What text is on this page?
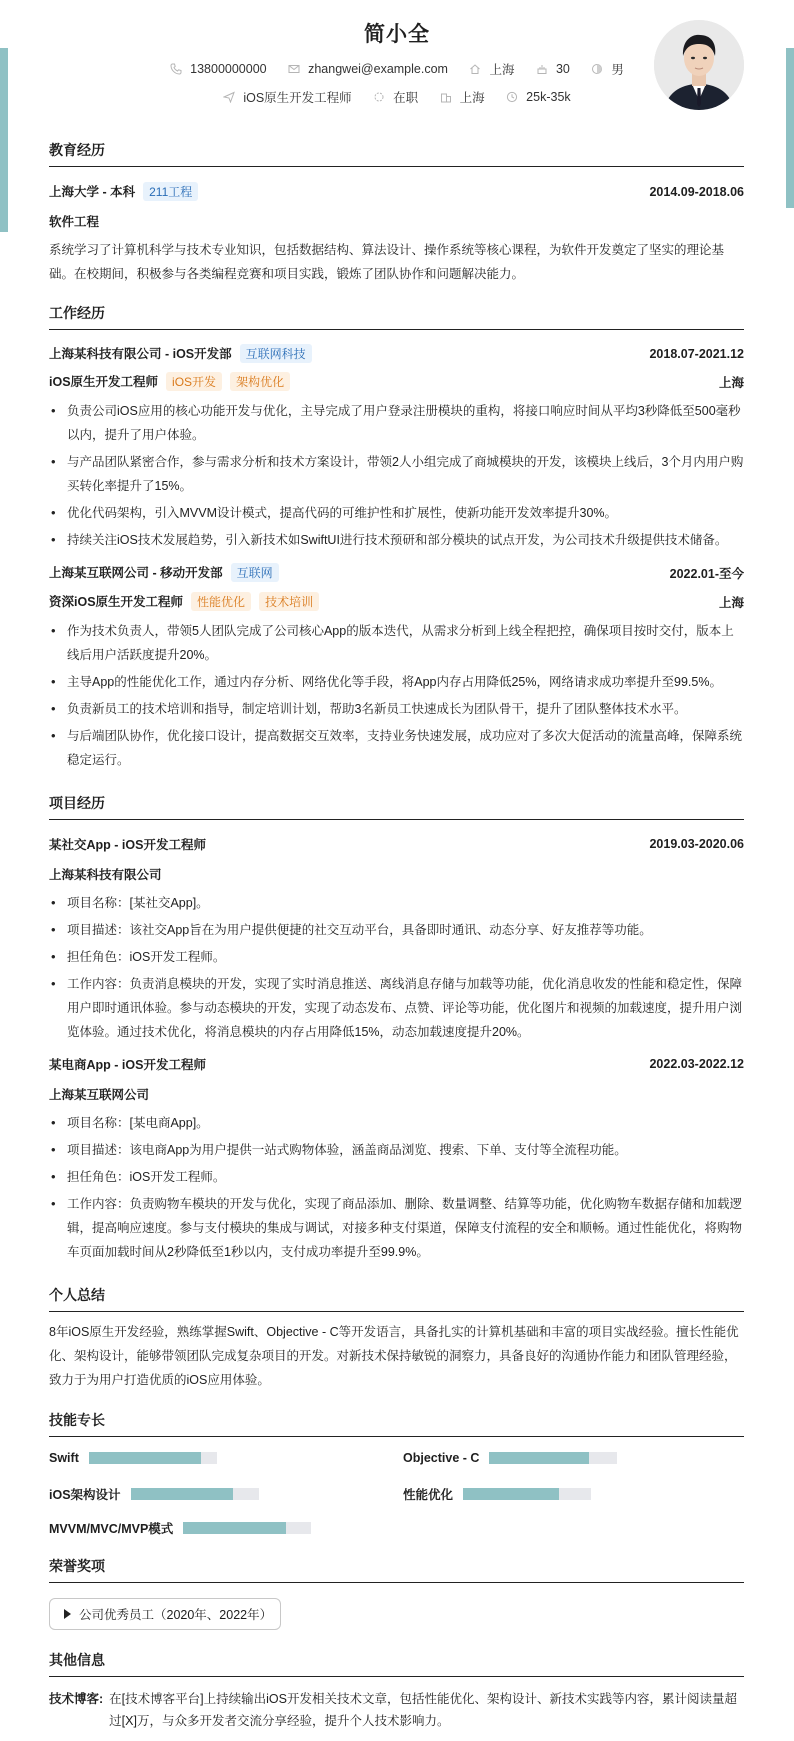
简小全
13800000000
	zhangwei@example.com
	上海
	30
	男
iOS原生开发工程师
	在职
	上海
	25k-35k
教育经历
上海大学 - 本科 211工程	2014.09-2018.06
软件工程
系统学习了计算机科学与技术专业知识，包括数据结构、算法设计、操作系统等核心课程，为软件开发奠定了坚实的理论基础。在校期间，积极参与各类编程竞赛和项目实践，锻炼了团队协作和问题解决能力。
工作经历
上海某科技有限公司 - iOS开发部 互联网科技	2018.07-2021.12
iOS原生开发工程师 iOS开发 架构优化	上海
• 负责公司iOS应用的核心功能开发与优化，主导完成了用户登录注册模块的重构，将接口响应时间从平均3秒降低至500毫秒以内，提升了用户体验。
• 与产品团队紧密合作，参与需求分析和技术方案设计，带领2人小组完成了商城模块的开发，该模块上线后，3个月内用户购买转化率提升了15%。
• 优化代码架构，引入MVVM设计模式，提高代码的可维护性和扩展性，使新功能开发效率提升30%。
• 持续关注iOS技术发展趋势，引入新技术如SwiftUI进行技术预研和部分模块的试点开发，为公司技术升级提供技术储备。
上海某互联网公司 - 移动开发部 互联网	2022.01-至今
资深iOS原生开发工程师 性能优化 技术培训	上海
• 作为技术负责人，带领5人团队完成了公司核心App的版本迭代，从需求分析到上线全程把控，确保项目按时交付，版本上线后用户活跃度提升20%。
• 主导App的性能优化工作，通过内存分析、网络优化等手段，将App内存占用降低25%，网络请求成功率提升至99.5%。
• 负责新员工的技术培训和指导，制定培训计划，帮助3名新员工快速成长为团队骨干，提升了团队整体技术水平。
• 与后端团队协作，优化接口设计，提高数据交互效率，支持业务快速发展，成功应对了多次大促活动的流量高峰，保障系统稳定运行。
项目经历
某社交App - iOS开发工程师	2019.03-2020.06
上海某科技有限公司
• 项目名称：[某社交App]。
• 项目描述：该社交App旨在为用户提供便捷的社交互动平台，具备即时通讯、动态分享、好友推荐等功能。
• 担任角色：iOS开发工程师。
• 工作内容：负责消息模块的开发，实现了实时消息推送、离线消息存储与加载等功能，优化消息收发的性能和稳定性，保障用户即时通讯体验。参与动态模块的开发，实现了动态发布、点赞、评论等功能，优化图片和视频的加载速度，提升用户浏览体验。通过技术优化，将消息模块的内存占用降低15%，动态加载速度提升20%。
某电商App - iOS开发工程师	2022.03-2022.12
上海某互联网公司
• 项目名称：[某电商App]。
• 项目描述：该电商App为用户提供一站式购物体验，涵盖商品浏览、搜索、下单、支付等全流程功能。
• 担任角色：iOS开发工程师。
• 工作内容：负责购物车模块的开发与优化，实现了商品添加、删除、数量调整、结算等功能，优化购物车数据存储和加载逻辑，提高响应速度。参与支付模块的集成与调试，对接多种支付渠道，保障支付流程的安全和顺畅。通过性能优化，将购物车页面加载时间从2秒降低至1秒以内，支付成功率提升至99.9%。
个人总结
8年iOS原生开发经验，熟练掌握Swift、Objective - C等开发语言，具备扎实的计算机基础和丰富的项目实战经验。擅长性能优化、架构设计，能够带领团队完成复杂项目的开发。对新技术保持敏锐的洞察力，具备良好的沟通协作能力和团队管理经验，致力于为用户打造优质的iOS应用体验。
技能专长
Swift	Objective - C
iOS架构设计	性能优化
MVVM/MVC/MVP模式
荣誉奖项
公司优秀员工（2020年、2022年）
其他信息
技术博客: 在[技术博客平台]上持续输出iOS开发相关技术文章，包括性能优化、架构设计、新技术实践等内容，累计阅读量超过[X]万，与众多开发者交流分享经验，提升个人技术影响力。
